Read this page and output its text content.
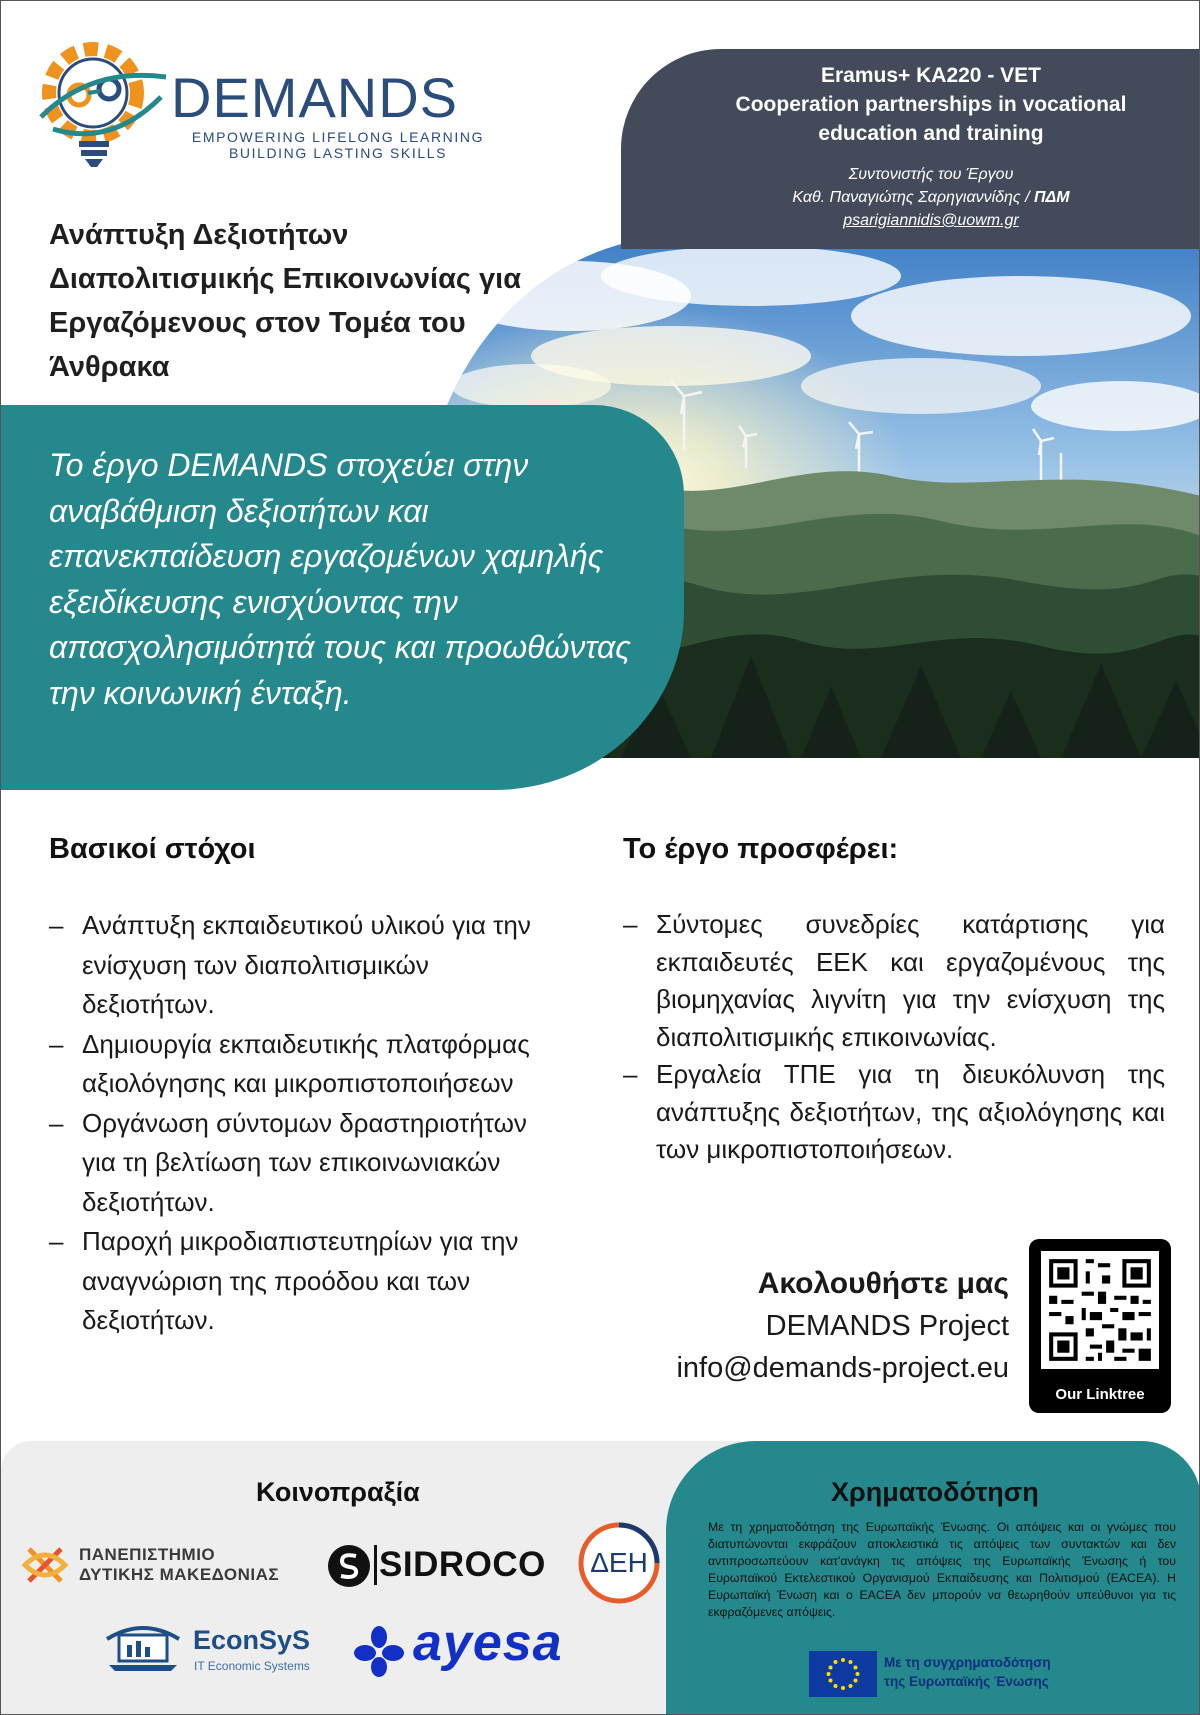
DEMANDS
EMPOWERING LIFELONG LEARNING
BUILDING LASTING SKILLS
Eramus+ KA220 - VET
Cooperation partnerships in vocational
education and training
Συντονιστής του Έργου
Καθ. Παναγιώτης Σαρηγιαννίδης / ΠΔΜ
psarigiannidis@uowm.gr
Ανάπτυξη Δεξιοτήτων Διαπολιτισμικής Επικοινωνίας για Εργαζόμενους στον Τομέα του Άνθρακα

Το έργο DEMANDS στοχεύει στην αναβάθμιση δεξιοτήτων και επανεκπαίδευση εργαζομένων χαμηλής εξειδίκευσης ενισχύοντας την απασχολησιμότητά τους και προωθώντας την κοινωνική ένταξη.

Βασικοί στόχοι
– Ανάπτυξη εκπαιδευτικού υλικού για την ενίσχυση των διαπολιτισμικών δεξιοτήτων.
– Δημιουργία εκπαιδευτικής πλατφόρμας αξιολόγησης και μικροπιστοποιήσεων
– Οργάνωση σύντομων δραστηριοτήτων για τη βελτίωση των επικοινωνιακών δεξιοτήτων.
– Παροχή μικροδιαπιστευτηρίων για την αναγνώριση της προόδου και των δεξιοτήτων.
Το έργο προσφέρει:
– Σύντομες συνεδρίες κατάρτισης για εκπαιδευτές ΕΕΚ και εργαζομένους της βιομηχανίας λιγνίτη για την ενίσχυση της διαπολιτισμικής επικοινωνίας.
– Εργαλεία ΤΠΕ για τη διευκόλυνση της ανάπτυξης δεξιοτήτων, της αξιολόγησης και των μικροπιστοποιήσεων.
Ακολουθήστε μας
DEMANDS Project
info@demands-project.eu
Our Linktree
Κοινοπραξία	Χρηματοδότηση

Με τη χρηματοδότηση της Ευρωπαϊκής Ένωσης. Οι απόψεις και οι γνώμες που διατυπώνονται εκφράζουν αποκλειστικά τις απόψεις των συντακτών και δεν αντιπροσωπεύουν κατ'ανάγκη τις απόψεις της Ευρωπαϊκής Ένωσης ή του Ευρωπαϊκού Εκτελεστικού Οργανισμού Εκπαίδευσης και Πολιτισμού (EACEA). Η Ευρωπαϊκή Ένωση και ο EACEA δεν μπορούν να θεωρηθούν υπεύθυνοι για τις εκφραζόμενες απόψεις.

ΠΑΝΕΠΙΣΤΗΜΙΟ
ΔΥΤΙΚΗΣ ΜΑΚΕΔΟΝΙΑΣ	SIDROCO	ΔΕΗ
EconSyS
IT Economic Systems ayesa	Με τη συγχρηματοδότηση
της Ευρωπαϊκής Ένωσης
